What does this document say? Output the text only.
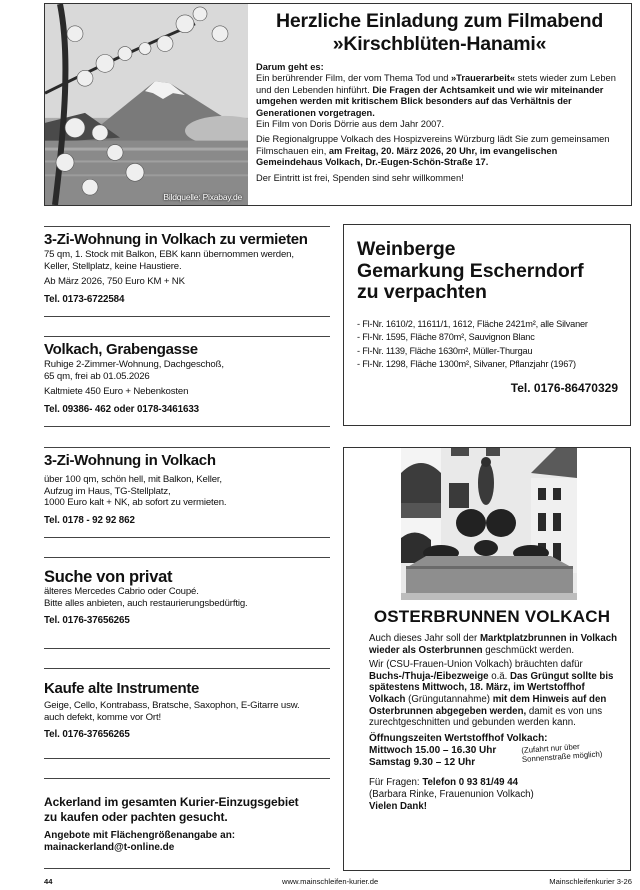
Bildquelle: Pixabay.de
Herzliche Einladung zum Filmabend
»Kirschblüten-Hanami«

Darum geht es:
Ein berührender Film, der vom Thema Tod und »Trauerarbeit« stets wieder zum Leben und den Lebenden hinführt. Die Fragen der Achtsamkeit und wie wir miteinander umgehen werden mit kritischem Blick besonders auf das Verhältnis der Generationen vorgetragen.
Ein Film von Doris Dörrie aus dem Jahr 2007.

Die Regionalgruppe Volkach des Hospizvereins Würzburg lädt Sie zum gemeinsamen Filmschauen ein, am Freitag, 20. März 2026, 20 Uhr, im evangelischen Gemeindehaus Volkach, Dr.-Eugen-Schön-Straße 17.

Der Eintritt ist frei, Spenden sind sehr willkommen!

3-Zi-Wohnung in Volkach zu vermieten
75 qm, 1. Stock mit Balkon, EBK kann übernommen werden,
Keller, Stellplatz, keine Haustiere.
Ab März 2026, 750 Euro KM + NK
Tel. 0173-6722584
Volkach, Grabengasse
Ruhige 2-Zimmer-Wohnung, Dachgeschoß,
65 qm, frei ab 01.05.2026
Kaltmiete 450 Euro + Nebenkosten
Tel. 09386- 462 oder 0178-3461633
3-Zi-Wohnung in Volkach
über 100 qm, schön hell, mit Balkon, Keller,
Aufzug im Haus, TG-Stellplatz,
1000 Euro kalt + NK, ab sofort zu vermieten.
Tel. 0178 - 92 92 862
Suche von privat
älteres Mercedes Cabrio oder Coupé.
Bitte alles anbieten, auch restaurierungsbedürftig.
Tel. 0176-37656265
Kaufe alte Instrumente
Geige, Cello, Kontrabass, Bratsche, Saxophon, E-Gitarre usw.
auch defekt, komme vor Ort!
Tel. 0176-37656265
Ackerland im gesamten Kurier-Einzugsgebiet
zu kaufen oder pachten gesucht.
Angebote mit Flächengrößenangabe an:
mainackerland@t-online.de
Weinberge
Gemarkung Escherndorf
zu verpachten
- Fl-Nr. 1610/2, 11611/1, 1612, Fläche 2421m², alle Silvaner
- Fl-Nr. 1595, Fläche 870m², Sauvignon Blanc
- Fl-Nr. 1139, Fläche 1630m², Müller-Thurgau
- Fl-Nr. 1298, Fläche 1300m², Silvaner, Pflanzjahr (1967)
Tel. 0176-86470329
OSTERBRUNNEN VOLKACH

Auch dieses Jahr soll der Marktplatzbrunnen in Volkach wieder als Osterbrunnen geschmückt werden.

Wir (CSU-Frauen-Union Volkach) bräuchten dafür Buchs-/Thuja-/Eibezweige o.ä. Das Grüngut sollte bis spätestens Mittwoch, 18. März, im Wertstoffhof Volkach (Grüngutannahme) mit dem Hinweis auf den Osterbrunnen abgegeben werden, damit es von uns zurechtgeschnitten und gebunden werden kann.

Öffnungszeiten Wertstoffhof Volkach:
Mittwoch 15.00 – 16.30 Uhr
Samstag 9.30 – 12 Uhr
(Zufahrt nur über Sonnenstraße möglich)
Für Fragen: Telefon 0 93 81/49 44
(Barbara Rinke, Frauenunion Volkach)
Vielen Dank!
44	www.mainschleifen-kurier.de	Mainschleifenkurier 3-26
